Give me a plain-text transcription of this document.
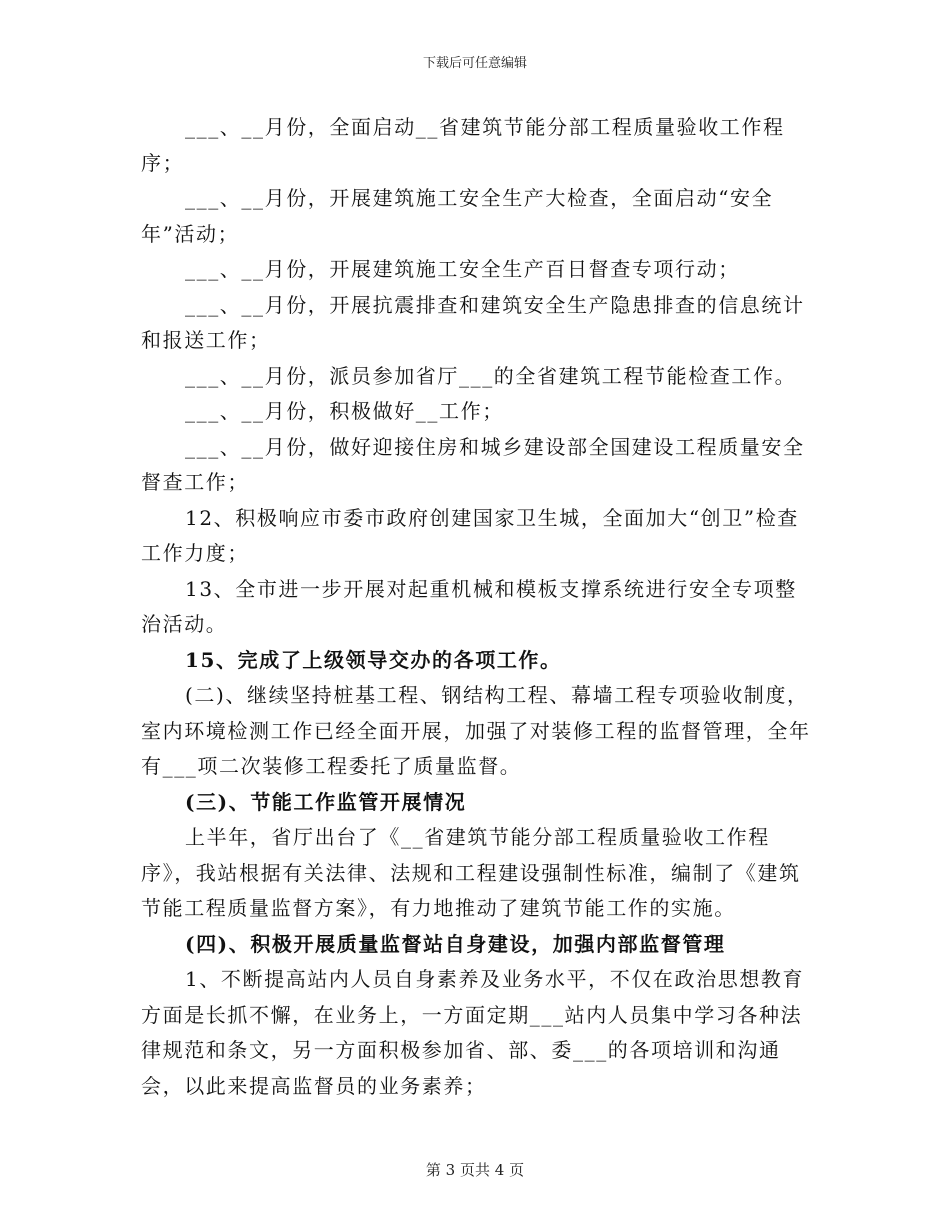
下载后可任意编辑

___、__月份，全面启动__省建筑节能分部工程质量验收工作程序；

___、__月份，开展建筑施工安全生产大检查，全面启动“安全年”活动；

___、__月份，开展建筑施工安全生产百日督查专项行动；

___、__月份，开展抗震排查和建筑安全生产隐患排查的信息统计和报送工作；

___、__月份，派员参加省厅___的全省建筑工程节能检查工作。

___、__月份，积极做好__工作；

___、__月份，做好迎接住房和城乡建设部全国建设工程质量安全督查工作；

12、积极响应市委市政府创建国家卫生城，全面加大“创卫”检查工作力度；

13、全市进一步开展对起重机械和模板支撑系统进行安全专项整治活动。

15、完成了上级领导交办的各项工作。

(二)、继续坚持桩基工程、钢结构工程、幕墙工程专项验收制度，室内环境检测工作已经全面开展，加强了对装修工程的监督管理，全年有___项二次装修工程委托了质量监督。

(三)、节能工作监管开展情况

上半年，省厅出台了《__省建筑节能分部工程质量验收工作程序》，我站根据有关法律、法规和工程建设强制性标准，编制了《建筑节能工程质量监督方案》，有力地推动了建筑节能工作的实施。

(四)、积极开展质量监督站自身建设，加强内部监督管理

1、不断提高站内人员自身素养及业务水平，不仅在政治思想教育方面是长抓不懈，在业务上，一方面定期___站内人员集中学习各种法律规范和条文，另一方面积极参加省、部、委___的各项培训和沟通会，以此来提高监督员的业务素养；

第 3 页共 4 页
